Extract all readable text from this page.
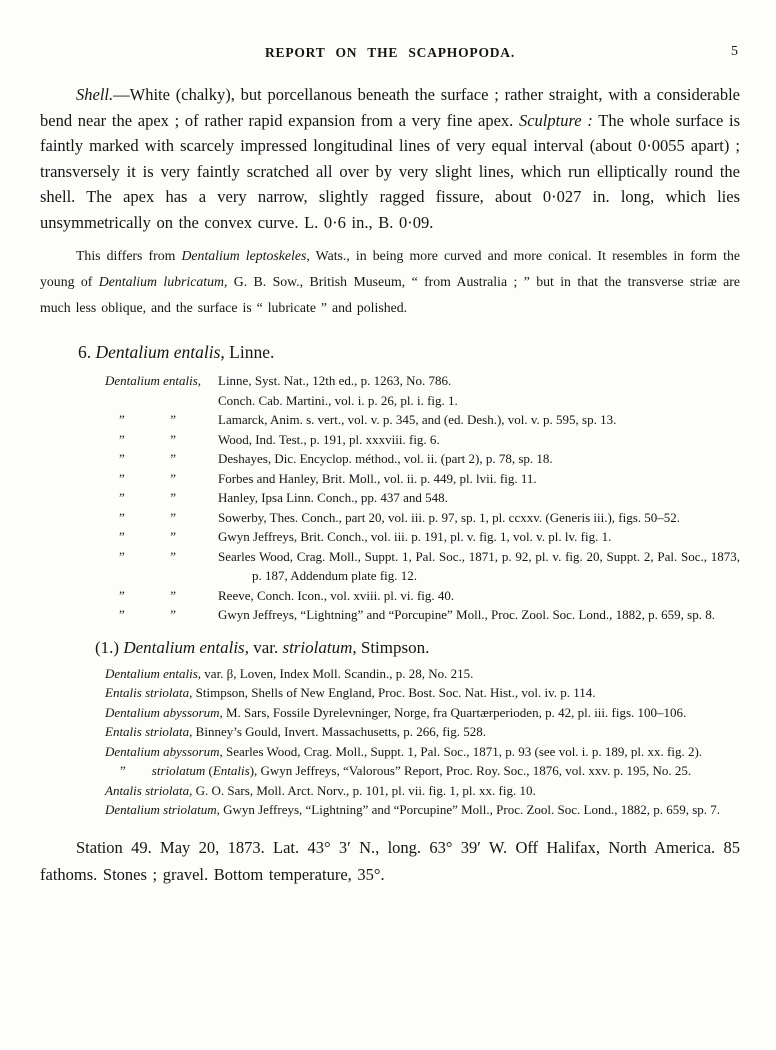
REPORT ON THE SCAPHOPODA.	5

Shell.—White (chalky), but porcellanous beneath the surface ; rather straight, with a considerable bend near the apex ; of rather rapid expansion from a very fine apex. Sculpture : The whole surface is faintly marked with scarcely impressed longitudinal lines of very equal interval (about 0·0055 apart) ; transversely it is very faintly scratched all over by very slight lines, which run elliptically round the shell. The apex has a very narrow, slightly ragged fissure, about 0·027 in. long, which lies unsymmetrically on the convex curve. L. 0·6 in., B. 0·09.

This differs from Dentalium leptoskeles, Wats., in being more curved and more conical. It resembles in form the young of Dentalium lubricatum, G. B. Sow., British Museum, “ from Australia ; ” but in that the transverse striæ are much less oblique, and the surface is “ lubricate ” and polished.

6. Dentalium entalis, Linne.
Dentalium entalis,	Linne, Syst. Nat., 12th ed., p. 1263, No. 786.
Conch. Cab. Martini., vol. i. p. 26, pl. i. fig. 1.
”	”	Lamarck, Anim. s. vert., vol. v. p. 345, and (ed. Desh.), vol. v. p. 595, sp. 13.
”	”	Wood, Ind. Test., p. 191, pl. xxxviii. fig. 6.
”	”	Deshayes, Dic. Encyclop. méthod., vol. ii. (part 2), p. 78, sp. 18.
”	”	Forbes and Hanley, Brit. Moll., vol. ii. p. 449, pl. lvii. fig. 11.
”	”	Hanley, Ipsa Linn. Conch., pp. 437 and 548.
”	”	Sowerby, Thes. Conch., part 20, vol. iii. p. 97, sp. 1, pl. ccxxv. (Generis iii.), figs. 50–52.
”	”	Gwyn Jeffreys, Brit. Conch., vol. iii. p. 191, pl. v. fig. 1, vol. v. pl. lv. fig. 1.
”	”	Searles Wood, Crag. Moll., Suppt. 1, Pal. Soc., 1871, p. 92, pl. v. fig. 20, Suppt. 2, Pal. Soc., 1873, p. 187, Addendum plate fig. 12.
”	”	Reeve, Conch. Icon., vol. xviii. pl. vi. fig. 40.
”	”	Gwyn Jeffreys, “Lightning” and “Porcupine” Moll., Proc. Zool. Soc. Lond., 1882, p. 659, sp. 8.
(1.) Dentalium entalis, var. striolatum, Stimpson.

Dentalium entalis, var. β, Loven, Index Moll. Scandin., p. 28, No. 215.

Entalis striolata, Stimpson, Shells of New England, Proc. Bost. Soc. Nat. Hist., vol. iv. p. 114.

Dentalium abyssorum, M. Sars, Fossile Dyrelevninger, Norge, fra Quartærperioden, p. 42, pl. iii. figs. 100–106.

Entalis striolata, Binney’s Gould, Invert. Massachusetts, p. 266, fig. 528.

Dentalium abyssorum, Searles Wood, Crag. Moll., Suppt. 1, Pal. Soc., 1871, p. 93 (see vol. i. p. 189, pl. xx. fig. 2).

” striolatum (Entalis), Gwyn Jeffreys, “Valorous” Report, Proc. Roy. Soc., 1876, vol. xxv. p. 195, No. 25.

Antalis striolata, G. O. Sars, Moll. Arct. Norv., p. 101, pl. vii. fig. 1, pl. xx. fig. 10.

Dentalium striolatum, Gwyn Jeffreys, “Lightning” and “Porcupine” Moll., Proc. Zool. Soc. Lond., 1882, p. 659, sp. 7.

Station 49. May 20, 1873. Lat. 43° 3′ N., long. 63° 39′ W. Off Halifax, North America. 85 fathoms. Stones ; gravel. Bottom temperature, 35°.
